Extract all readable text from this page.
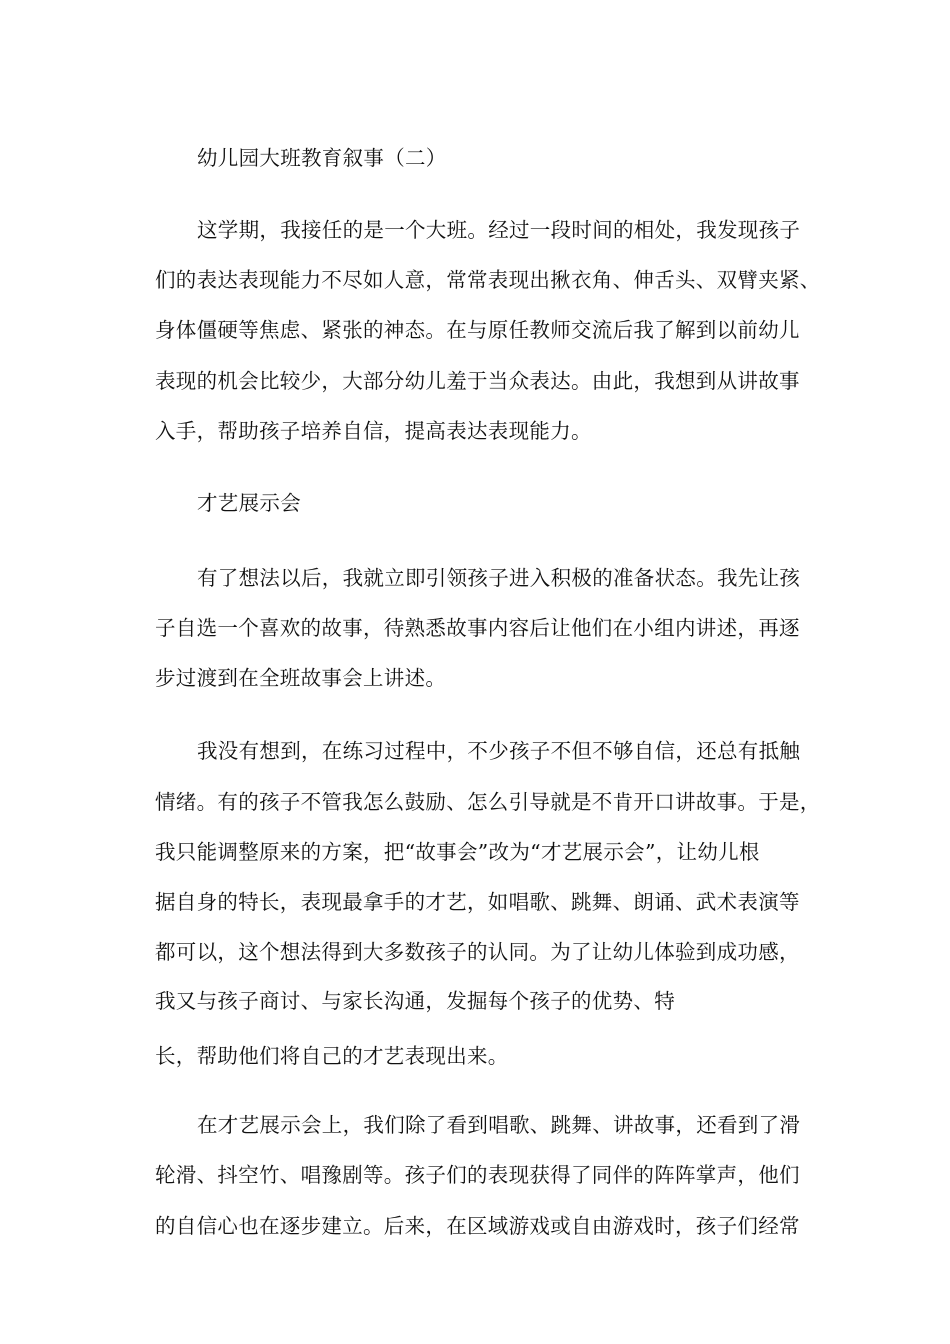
幼儿园大班教育叙事（二）
这学期，我接任的是一个大班。经过一段时间的相处，我发现孩子
们的表达表现能力不尽如人意，常常表现出揪衣角、伸舌头、双臂夹紧、
身体僵硬等焦虑、紧张的神态。在与原任教师交流后我了解到以前幼儿
表现的机会比较少，大部分幼儿羞于当众表达。由此，我想到从讲故事
入手，帮助孩子培养自信，提高表达表现能力。
才艺展示会
有了想法以后，我就立即引领孩子进入积极的准备状态。我先让孩
子自选一个喜欢的故事，待熟悉故事内容后让他们在小组内讲述，再逐
步过渡到在全班故事会上讲述。
我没有想到，在练习过程中，不少孩子不但不够自信，还总有抵触
情绪。有的孩子不管我怎么鼓励、怎么引导就是不肯开口讲故事。于是，
我只能调整原来的方案，把“故事会”改为“才艺展示会”，让幼儿根
据自身的特长，表现最拿手的才艺，如唱歌、跳舞、朗诵、武术表演等
都可以，这个想法得到大多数孩子的认同。为了让幼儿体验到成功感，
我又与孩子商讨、与家长沟通，发掘每个孩子的优势、特
长，帮助他们将自己的才艺表现出来。
在才艺展示会上，我们除了看到唱歌、跳舞、讲故事，还看到了滑
轮滑、抖空竹、唱豫剧等。孩子们的表现获得了同伴的阵阵掌声，他们
的自信心也在逐步建立。后来，在区域游戏或自由游戏时，孩子们经常
